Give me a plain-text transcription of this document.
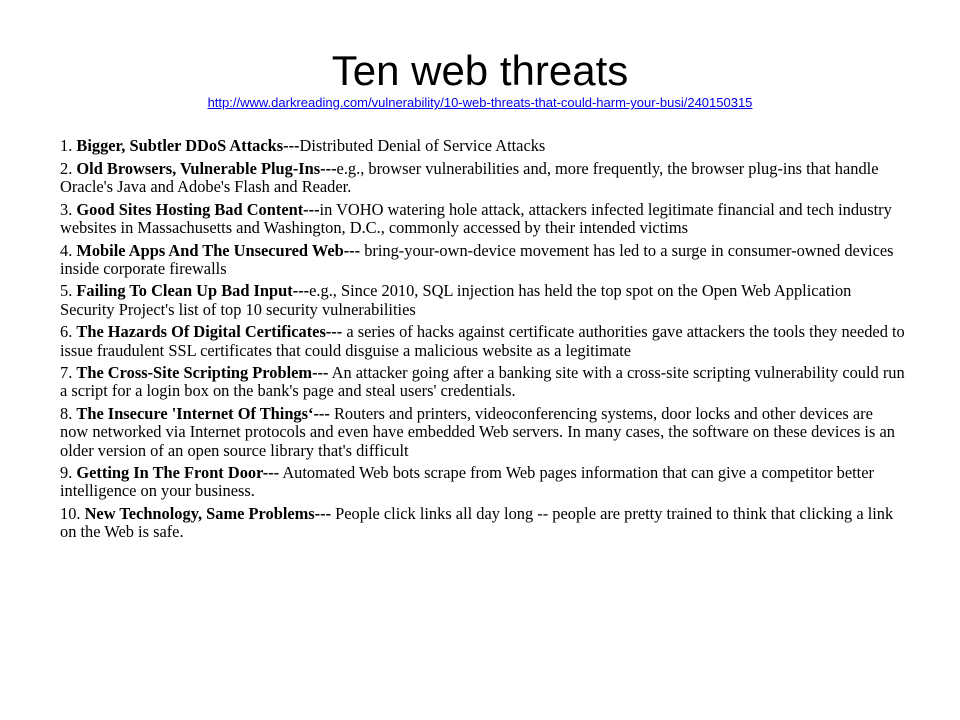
Ten web threats
http://www.darkreading.com/vulnerability/10-web-threats-that-could-harm-your-busi/240150315
1. Bigger, Subtler DDoS Attacks---Distributed Denial of Service Attacks
2. Old Browsers, Vulnerable Plug-Ins---e.g., browser vulnerabilities and, more frequently, the browser plug-ins that handle Oracle's Java and Adobe's Flash and Reader.
3. Good Sites Hosting Bad Content---in VOHO watering hole attack, attackers infected legitimate financial and tech industry websites in Massachusetts and Washington, D.C., commonly accessed by their intended victims
4. Mobile Apps And The Unsecured Web--- bring-your-own-device movement has led to a surge in consumer-owned devices inside corporate firewalls
5. Failing To Clean Up Bad Input---e.g., Since 2010, SQL injection has held the top spot on the Open Web Application Security Project's list of top 10 security vulnerabilities
6. The Hazards Of Digital Certificates--- a series of hacks against certificate authorities gave attackers the tools they needed to issue fraudulent SSL certificates that could disguise a malicious website as a legitimate
7. The Cross-Site Scripting Problem--- An attacker going after a banking site with a cross-site scripting vulnerability could run a script for a login box on the bank's page and steal users' credentials.
8. The Insecure 'Internet Of Things‘--- Routers and printers, videoconferencing systems, door locks and other devices are now networked via Internet protocols and even have embedded Web servers. In many cases, the software on these devices is an older version of an open source library that's difficult
9. Getting In The Front Door--- Automated Web bots scrape from Web pages information that can give a competitor better intelligence on your business.
10. New Technology, Same Problems--- People click links all day long -- people are pretty trained to think that clicking a link on the Web is safe.
